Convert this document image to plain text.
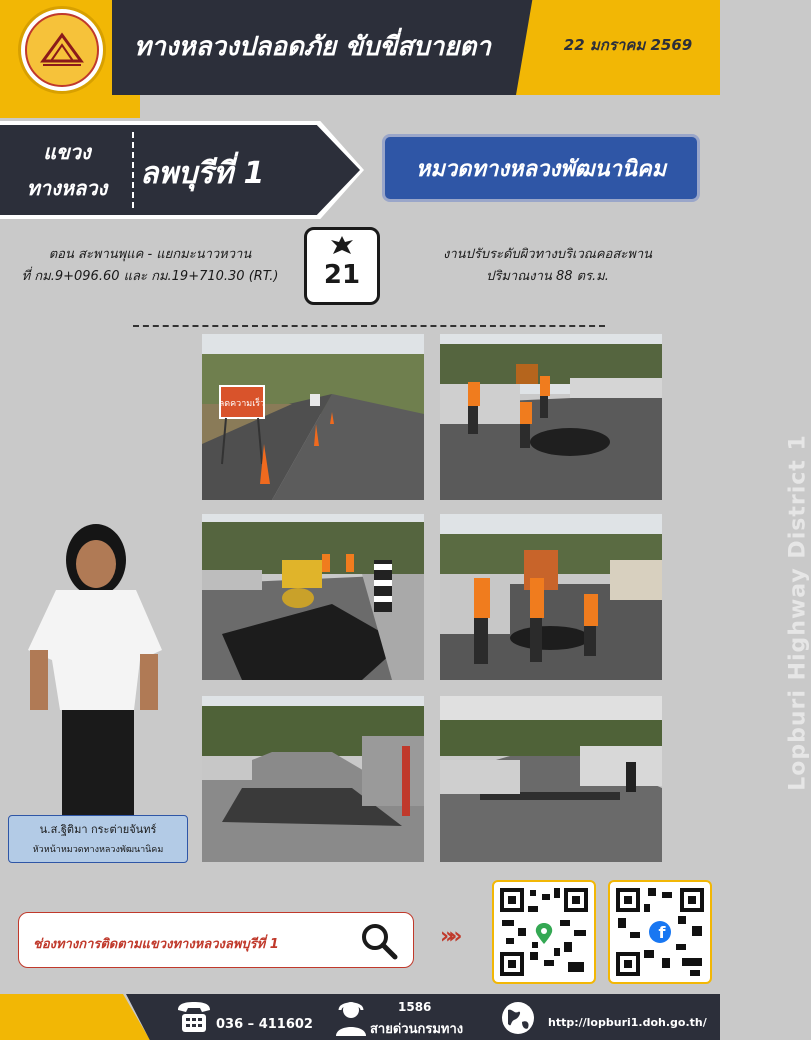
ทางหลวงปลอดภัย ขับขี่สบายตา	22 มกราคม 2569
แขวง
ทางหลวง	ลพบุรีที่ 1	หมวดทางหลวงพัฒนานิคม
ตอน สะพานพุแค - แยกมะนาวหวาน
ที่ กม.9+096.60 และ กม.19+710.30 (RT.)	21
งานปรับระดับผิวทางบริเวณคอสะพาน
ปริมาณงาน 88 ตร.ม.
ลดความเร็ว
น.ส.ฐิติมา กระต่ายจันทร์
หัวหน้าหมวดทางหลวงพัฒนานิคม
Lopburi Highway District 1
ช่องทางการติดตามแขวงทางหลวงลพบุรีที่ 1	»»	f
036 – 411602
1586
สายด่วนกรมทาง	http://lopburi1.doh.go.th/
